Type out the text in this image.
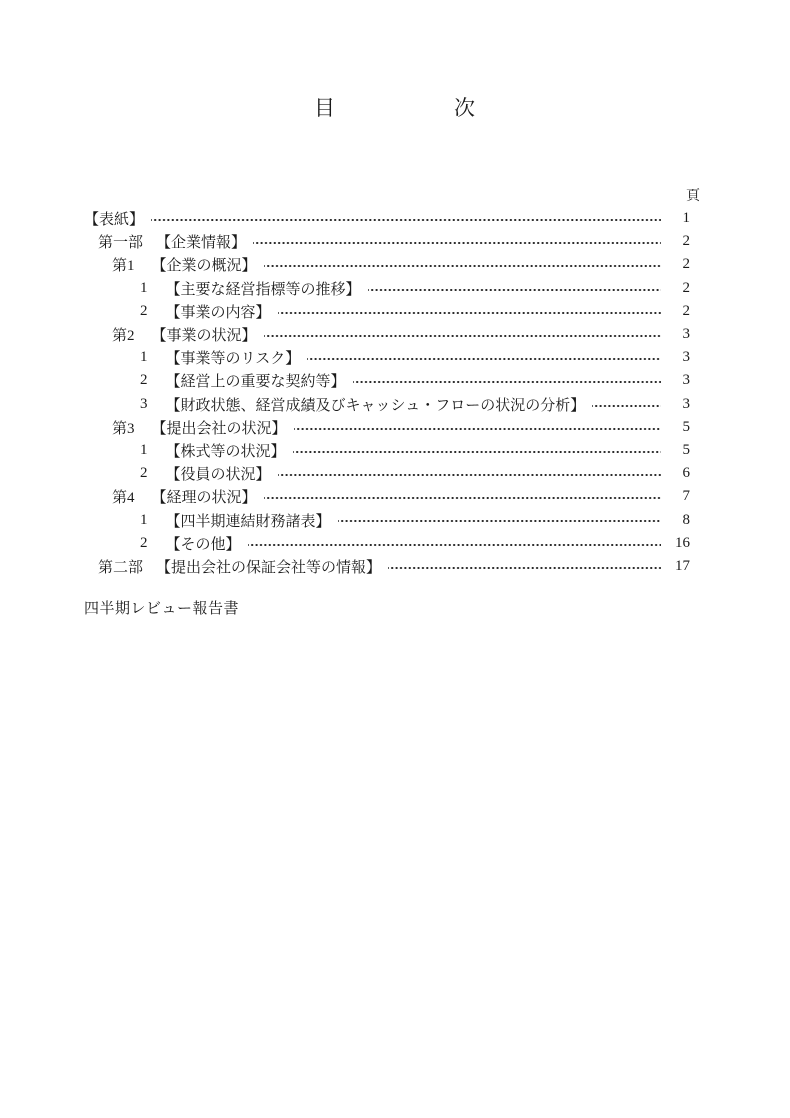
目	次
頁
【表紙】	1
第一部 【企業情報】	2
第1 【企業の概況】	2
1 【主要な経営指標等の推移】	2
2 【事業の内容】	2
第2 【事業の状況】	3
1 【事業等のリスク】	3
2 【経営上の重要な契約等】	3
3 【財政状態、経営成績及びキャッシュ・フローの状況の分析】	3
第3 【提出会社の状況】	5
1 【株式等の状況】	5
2 【役員の状況】	6
第4 【経理の状況】	7
1 【四半期連結財務諸表】	8
2 【その他】	16
第二部 【提出会社の保証会社等の情報】	17
四半期レビュー報告書
